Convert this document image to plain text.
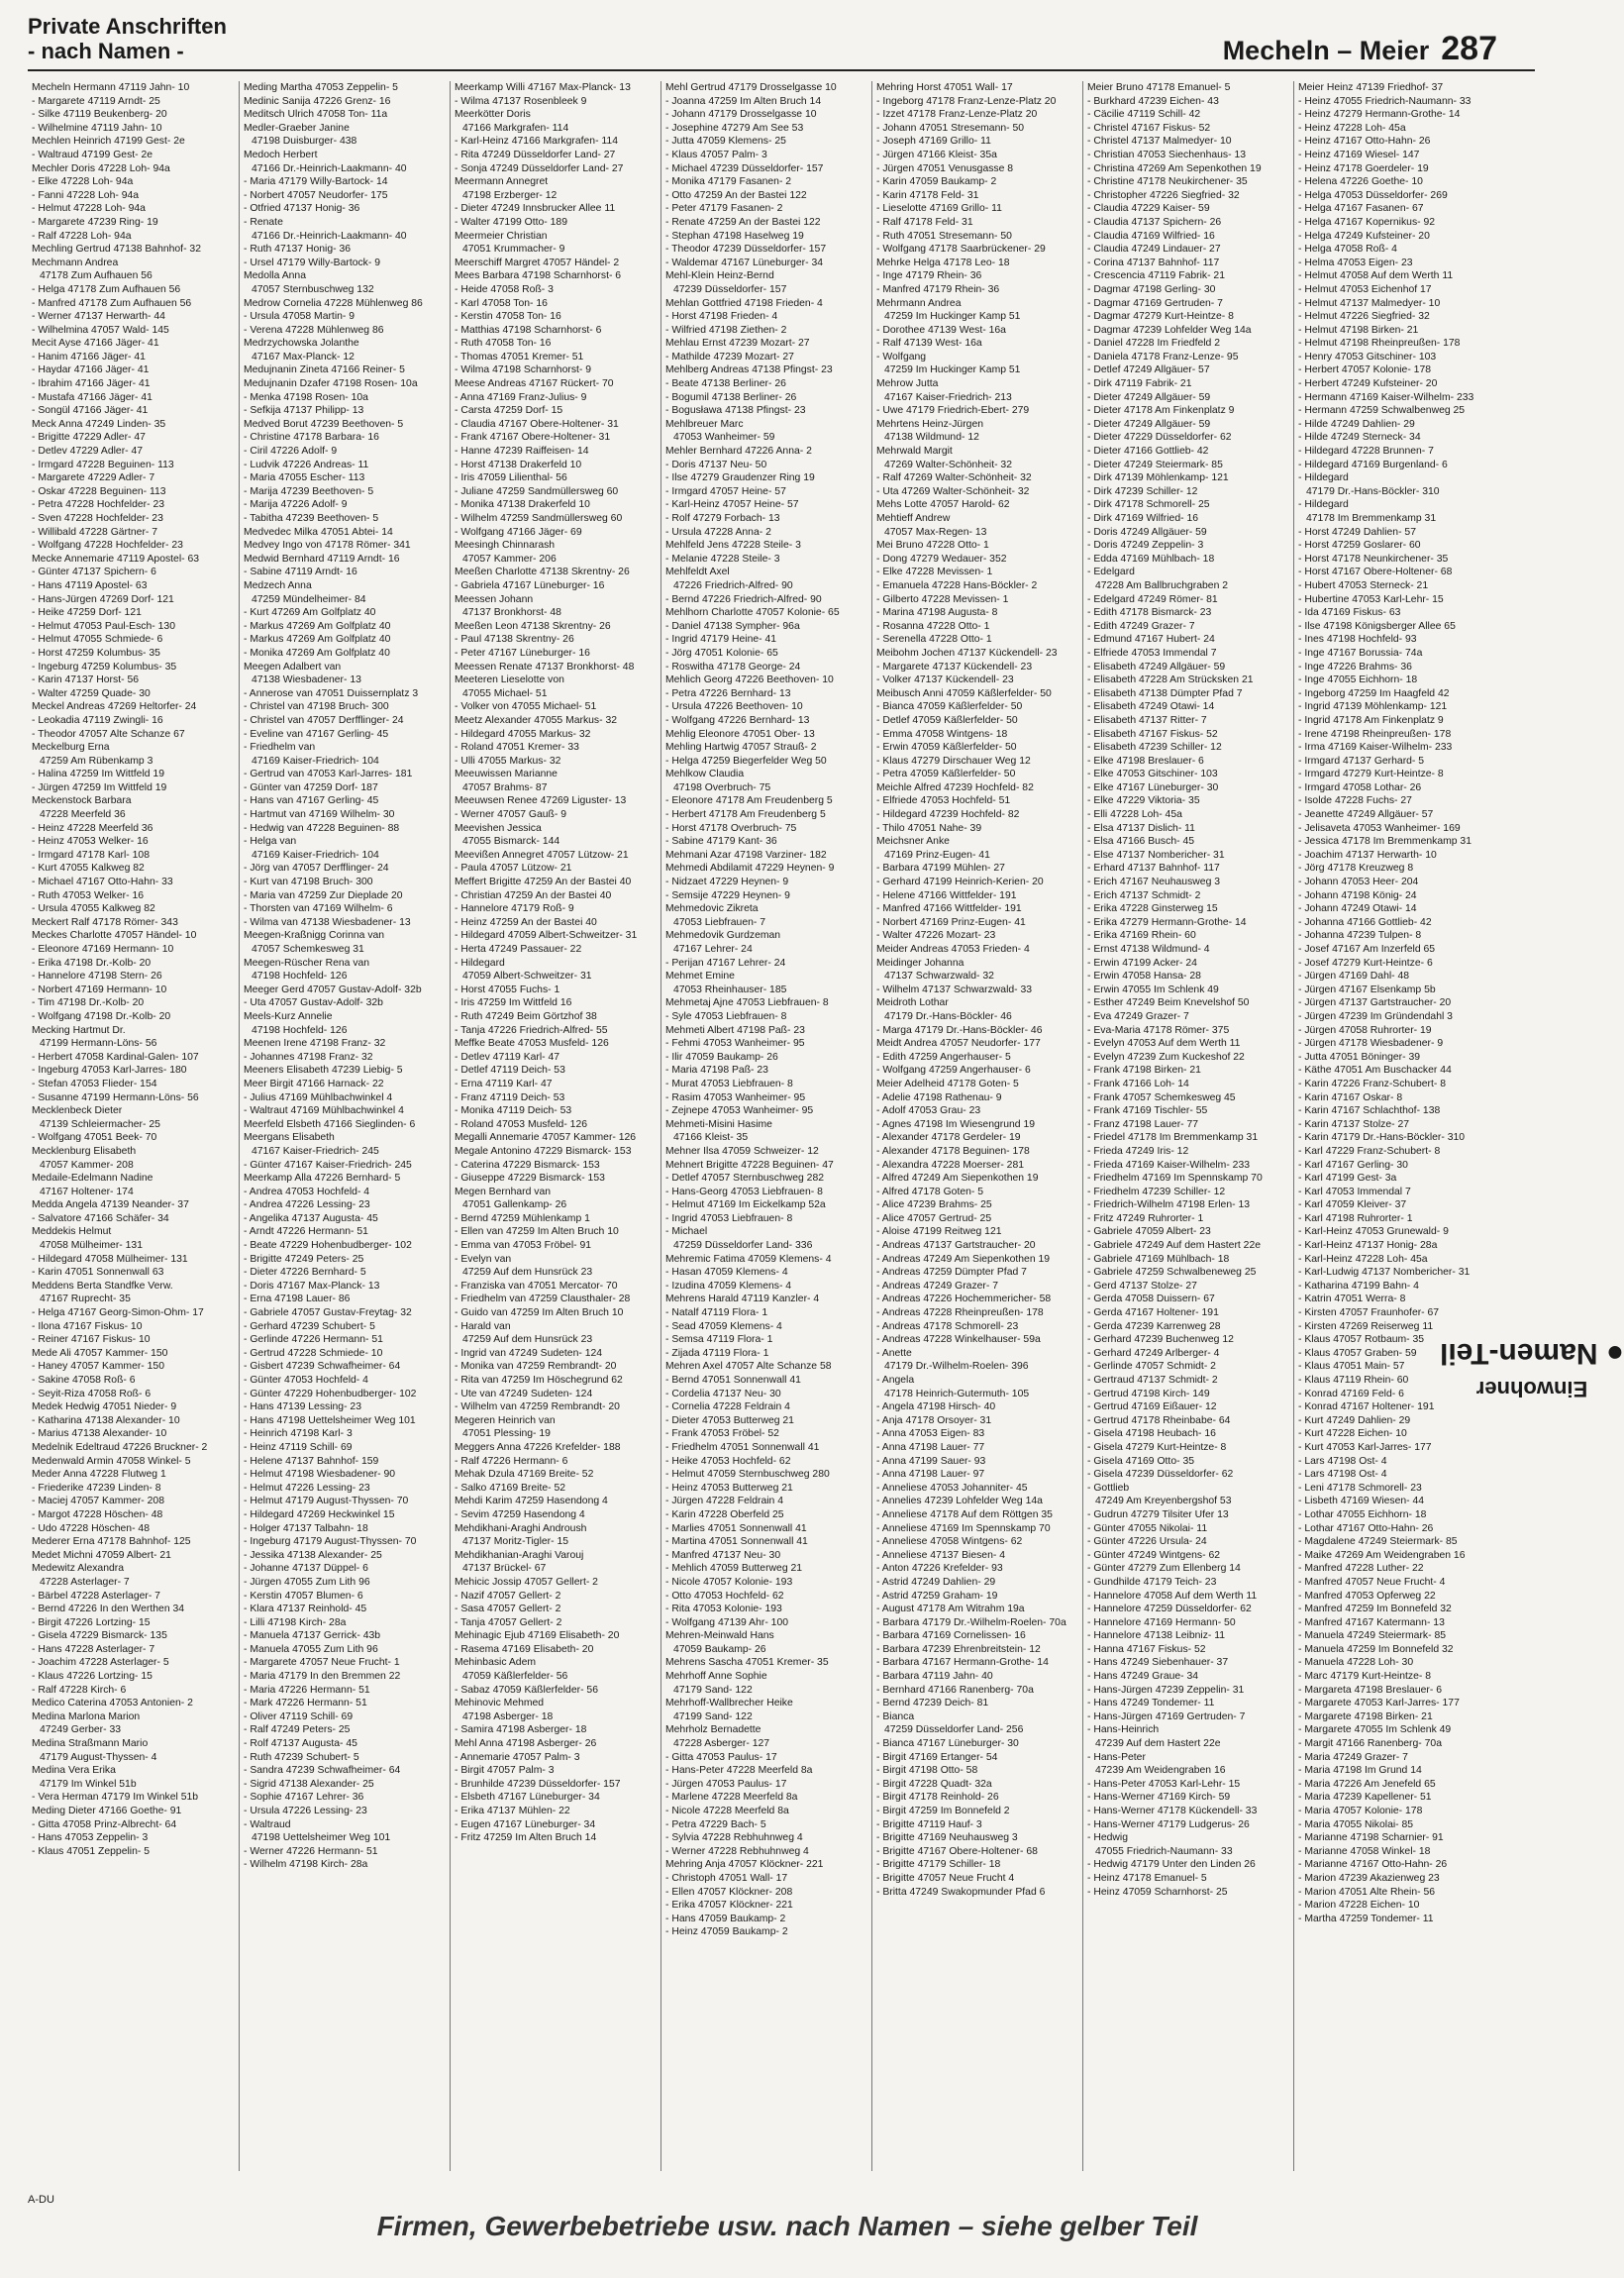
Private Anschriften
- nach Namen -	Mecheln – Meier 287
Mecheln Hermann 47119 Jahn- 10
- Margarete 47119 Arndt- 25
- Silke 47119 Beukenberg- 20
- Wilhelmine 47119 Jahn- 10
Mechlen Heinrich 47199 Gest- 2e
- Waltraud 47199 Gest- 2e
Mechler Doris 47228 Loh- 94a
- Elke 47228 Loh- 94a
- Fanni 47228 Loh- 94a
- Helmut 47228 Loh- 94a
- Margarete 47239 Ring- 19
- Ralf 47228 Loh- 94a
Mechling Gertrud 47138 Bahnhof- 32
Mechmann Andrea
47178 Zum Aufhauen 56
- Helga 47178 Zum Aufhauen 56
- Manfred 47178 Zum Aufhauen 56
- Werner 47137 Herwarth- 44
- Wilhelmina 47057 Wald- 145
Mecit Ayse 47166 Jäger- 41
- Hanim 47166 Jäger- 41
- Haydar 47166 Jäger- 41
- Ibrahim 47166 Jäger- 41
- Mustafa 47166 Jäger- 41
- Songül 47166 Jäger- 41
Meck Anna 47249 Linden- 35
- Brigitte 47229 Adler- 47
- Detlev 47229 Adler- 47
- Irmgard 47228 Beguinen- 113
- Margarete 47229 Adler- 7
- Oskar 47228 Beguinen- 113
- Petra 47228 Hochfelder- 23
- Sven 47228 Hochfelder- 23
- Willibald 47228 Gärtner- 7
- Wolfgang 47228 Hochfelder- 23
Mecke Annemarie 47119 Apostel- 63
- Günter 47137 Spichern- 6
- Hans 47119 Apostel- 63
- Hans-Jürgen 47269 Dorf- 121
- Heike 47259 Dorf- 121
- Helmut 47053 Paul-Esch- 130
- Helmut 47055 Schmiede- 6
- Horst 47259 Kolumbus- 35
- Ingeburg 47259 Kolumbus- 35
- Karin 47137 Horst- 56
- Walter 47259 Quade- 30
Meckel Andreas 47269 Heltorfer- 24
- Leokadia 47119 Zwingli- 16
- Theodor 47057 Alte Schanze 67
Meckelburg Erna
47259 Am Rübenkamp 3
- Halina 47259 Im Wittfeld 19
- Jürgen 47259 Im Wittfeld 19
Meckenstock Barbara
47228 Meerfeld 36
- Heinz 47228 Meerfeld 36
- Heinz 47053 Welker- 16
- Irmgard 47178 Karl- 108
- Kurt 47055 Kalkweg 82
- Michael 47167 Otto-Hahn- 33
- Ruth 47053 Welker- 16
- Ursula 47055 Kalkweg 82
Meckert Ralf 47178 Römer- 343
Meckes Charlotte 47057 Händel- 10
- Eleonore 47169 Hermann- 10
- Erika 47198 Dr.-Kolb- 20
- Hannelore 47198 Stern- 26
- Norbert 47169 Hermann- 10
- Tim 47198 Dr.-Kolb- 20
- Wolfgang 47198 Dr.-Kolb- 20
Mecking Hartmut Dr.
47199 Hermann-Löns- 56
- Herbert 47058 Kardinal-Galen- 107
- Ingeburg 47053 Karl-Jarres- 180
- Stefan 47053 Flieder- 154
- Susanne 47199 Hermann-Löns- 56
Mecklenbeck Dieter
47139 Schleiermacher- 25
- Wolfgang 47051 Beek- 70
Mecklenburg Elisabeth
47057 Kammer- 208
Medaile-Edelmann Nadine
47167 Holtener- 174
Medda Angela 47139 Neander- 37
- Salvatore 47166 Schäfer- 34
Meddekis Helmut
47058 Mülheimer- 131
- Hildegard 47058 Mülheimer- 131
- Karin 47051 Sonnenwall 63
Meddens Berta Standfke Verw.
47167 Ruprecht- 35
- Helga 47167 Georg-Simon-Ohm- 17
- Ilona 47167 Fiskus- 10
- Reiner 47167 Fiskus- 10
Mede Ali 47057 Kammer- 150
- Haney 47057 Kammer- 150
- Sakine 47058 Roß- 6
- Seyit-Riza 47058 Roß- 6
Medek Hedwig 47051 Nieder- 9
- Katharina 47138 Alexander- 10
- Marius 47138 Alexander- 10
Medelnik Edeltraud 47226 Bruckner- 2
Medenwald Armin 47058 Winkel- 5
Meder Anna 47228 Flutweg 1
- Friederike 47239 Linden- 8
- Maciej 47057 Kammer- 208
- Margot 47228 Höschen- 48
- Udo 47228 Höschen- 48
Mederer Erna 47178 Bahnhof- 125
Medet Michni 47059 Albert- 21
Medewitz Alexandra
47228 Asterlager- 7
- Bärbel 47228 Asterlager- 7
- Bernd 47226 In den Werthen 34
- Birgit 47226 Lortzing- 15
- Gisela 47229 Bismarck- 135
- Hans 47228 Asterlager- 7
- Joachim 47228 Asterlager- 5
- Klaus 47226 Lortzing- 15
- Ralf 47228 Kirch- 6
Medico Caterina 47053 Antonien- 2
Medina Marlona Marion
47249 Gerber- 33
Medina Straßmann Mario
47179 August-Thyssen- 4
Medina Vera Erika
47179 Im Winkel 51b
- Vera Herman 47179 Im Winkel 51b
Meding Dieter 47166 Goethe- 91
- Gitta 47058 Prinz-Albrecht- 64
- Hans 47053 Zeppelin- 3
- Klaus 47051 Zeppelin- 5
Meding Martha 47053 Zeppelin- 5
Medinic Sanija 47226 Grenz- 16
Meditsch Ulrich 47058 Ton- 11a
Medler-Graeber Janine
47198 Duisburger- 438
Medoch Herbert
47166 Dr.-Heinrich-Laakmann- 40
- Maria 47179 Willy-Bartock- 14
- Norbert 47057 Neudorfer- 175
- Otfried 47137 Honig- 36
- Renate
47166 Dr.-Heinrich-Laakmann- 40
- Ruth 47137 Honig- 36
- Ursel 47179 Willy-Bartock- 9
Medolla Anna
47057 Sternbuschweg 132
Medrow Cornelia 47228 Mühlenweg 86
- Ursula 47058 Martin- 9
- Verena 47228 Mühlenweg 86
Medrzychowska Jolanthe
47167 Max-Planck- 12
Medujnanin Zineta 47166 Reiner- 5
Medujnanin Dzafer 47198 Rosen- 10a
- Menka 47198 Rosen- 10a
- Sefkija 47137 Philipp- 13
Medved Borut 47239 Beethoven- 5
- Christine 47178 Barbara- 16
- Ciril 47226 Adolf- 9
- Ludvik 47226 Andreas- 11
- Maria 47055 Escher- 113
- Marija 47239 Beethoven- 5
- Marija 47226 Adolf- 9
- Tabitha 47239 Beethoven- 5
Medvedec Milka 47051 Abtei- 14
Medvey Ingo von 47178 Römer- 341
Medwid Bernhard 47119 Arndt- 16
- Sabine 47119 Arndt- 16
Medzech Anna
47259 Mündelheimer- 84
- Kurt 47269 Am Golfplatz 40
- Markus 47269 Am Golfplatz 40
- Markus 47269 Am Golfplatz 40
- Monika 47269 Am Golfplatz 40
Meegen Adalbert van
47138 Wiesbadener- 13
- Annerose van 47051 Duissernplatz 3
- Christel van 47198 Bruch- 300
- Christel van 47057 Derfflinger- 24
- Eveline van 47167 Gerling- 45
- Friedhelm van
47169 Kaiser-Friedrich- 104
- Gertrud van 47053 Karl-Jarres- 181
- Günter van 47259 Dorf- 187
- Hans van 47167 Gerling- 45
- Hartmut van 47169 Wilhelm- 30
- Hedwig van 47228 Beguinen- 88
- Helga van
47169 Kaiser-Friedrich- 104
- Jörg van 47057 Derfflinger- 24
- Kurt van 47198 Bruch- 300
- Maria van 47259 Zur Dieplade 20
- Thorsten van 47169 Wilhelm- 6
- Wilma van 47138 Wiesbadener- 13
Meegen-Kraßnigg Corinna van
47057 Schemkesweg 31
Meegen-Rüscher Rena van
47198 Hochfeld- 126
Meeger Gerd 47057 Gustav-Adolf- 32b
- Uta 47057 Gustav-Adolf- 32b
Meels-Kurz Annelie
47198 Hochfeld- 126
Meenen Irene 47198 Franz- 32
- Johannes 47198 Franz- 32
Meeners Elisabeth 47239 Liebig- 5
Meer Birgit 47166 Harnack- 22
- Julius 47169 Mühlbachwinkel 4
- Waltraut 47169 Mühlbachwinkel 4
Meerfeld Elsbeth 47166 Sieglinden- 6
Meergans Elisabeth
47167 Kaiser-Friedrich- 245
- Günter 47167 Kaiser-Friedrich- 245
Meerkamp Alla 47226 Bernhard- 5
- Andrea 47053 Hochfeld- 4
- Andrea 47226 Lessing- 23
- Angelika 47137 Augusta- 45
- Arndt 47226 Hermann- 51
- Beate 47229 Hohenbudberger- 102
- Brigitte 47249 Peters- 25
- Dieter 47226 Bernhard- 5
- Doris 47167 Max-Planck- 13
- Erna 47198 Lauer- 86
- Gabriele 47057 Gustav-Freytag- 32
- Gerhard 47239 Schubert- 5
- Gerlinde 47226 Hermann- 51
- Gertrud 47228 Schmiede- 10
- Gisbert 47239 Schwafheimer- 64
- Günter 47053 Hochfeld- 4
- Günter 47229 Hohenbudberger- 102
- Hans 47139 Lessing- 23
- Hans 47198 Uettelsheimer Weg 101
- Heinrich 47198 Karl- 3
- Heinz 47119 Schill- 69
- Helene 47137 Bahnhof- 159
- Helmut 47198 Wiesbadener- 90
- Helmut 47226 Lessing- 23
- Helmut 47179 August-Thyssen- 70
- Hildegard 47269 Heckwinkel 15
- Holger 47137 Talbahn- 18
- Ingeburg 47179 August-Thyssen- 70
- Jessika 47138 Alexander- 25
- Johanne 47137 Düppel- 6
- Jürgen 47055 Zum Lith 96
- Kerstin 47057 Blumen- 6
- Klara 47137 Reinhold- 45
- Lilli 47198 Kirch- 28a
- Manuela 47137 Gerrick- 43b
- Manuela 47055 Zum Lith 96
- Margarete 47057 Neue Frucht- 1
- Maria 47179 In den Bremmen 22
- Maria 47226 Hermann- 51
- Mark 47226 Hermann- 51
- Oliver 47119 Schill- 69
- Ralf 47249 Peters- 25
- Rolf 47137 Augusta- 45
- Ruth 47239 Schubert- 5
- Sandra 47239 Schwafheimer- 64
- Sigrid 47138 Alexander- 25
- Sophie 47167 Lehrer- 36
- Ursula 47226 Lessing- 23
- Waltraud
47198 Uettelsheimer Weg 101
- Werner 47226 Hermann- 51
- Wilhelm 47198 Kirch- 28a
Meerkamp Willi 47167 Max-Planck- 13
- Wilma 47137 Rosenbleek 9
Meerkötter Doris
47166 Markgrafen- 114
- Karl-Heinz 47166 Markgrafen- 114
- Rita 47249 Düsseldorfer Land- 27
- Sonja 47249 Düsseldorfer Land- 27
Meermann Annegret
47198 Erzberger- 12
- Dieter 47249 Innsbrucker Allee 11
- Walter 47199 Otto- 189
Meermeier Christian
47051 Krummacher- 9
Meerschiff Margret 47057 Händel- 2
Mees Barbara 47198 Scharnhorst- 6
- Heide 47058 Roß- 3
- Karl 47058 Ton- 16
- Kerstin 47058 Ton- 16
- Matthias 47198 Scharnhorst- 6
- Ruth 47058 Ton- 16
- Thomas 47051 Kremer- 51
- Wilma 47198 Scharnhorst- 9
Meese Andreas 47167 Rückert- 70
- Anna 47169 Franz-Julius- 9
- Carsta 47259 Dorf- 15
- Claudia 47167 Obere-Holtener- 31
- Frank 47167 Obere-Holtener- 31
- Hanne 47239 Raiffeisen- 14
- Horst 47138 Drakerfeld 10
- Iris 47059 Lilienthal- 56
- Juliane 47259 Sandmüllersweg 60
- Monika 47138 Drakerfeld 10
- Wilhelm 47259 Sandmüllersweg 60
- Wolfgang 47166 Jäger- 69
Meesingh Chinnarash
47057 Kammer- 206
Meeßen Charlotte 47138 Skrentny- 26
- Gabriela 47167 Lüneburger- 16
Meessen Johann
47137 Bronkhorst- 48
Meeßen Leon 47138 Skrentny- 26
- Paul 47138 Skrentny- 26
- Peter 47167 Lüneburger- 16
Meessen Renate 47137 Bronkhorst- 48
Meeteren Lieselotte von
47055 Michael- 51
- Volker von 47055 Michael- 51
Meetz Alexander 47055 Markus- 32
- Hildegard 47055 Markus- 32
- Roland 47051 Kremer- 33
- Ulli 47055 Markus- 32
Meeuwissen Marianne
47057 Brahms- 87
Meeuwsen Renee 47269 Liguster- 13
- Werner 47057 Gauß- 9
Meevishen Jessica
47055 Bismarck- 144
Meevißen Annegret 47057 Lützow- 21
- Paula 47057 Lützow- 21
Meffert Brigitte 47259 An der Bastei 40
- Christian 47259 An der Bastei 40
- Hannelore 47179 Roß- 9
- Heinz 47259 An der Bastei 40
- Hildegard 47059 Albert-Schweitzer- 31
- Herta 47249 Passauer- 22
- Hildegard
47059 Albert-Schweitzer- 31
- Horst 47055 Fuchs- 1
- Iris 47259 Im Wittfeld 16
- Ruth 47249 Beim Görtzhof 38
- Tanja 47226 Friedrich-Alfred- 55
Meffke Beate 47053 Musfeld- 126
- Detlev 47119 Karl- 47
- Detlef 47119 Deich- 53
- Erna 47119 Karl- 47
- Franz 47119 Deich- 53
- Monika 47119 Deich- 53
- Roland 47053 Musfeld- 126
Megalli Annemarie 47057 Kammer- 126
Megale Antonino 47229 Bismarck- 153
- Caterina 47229 Bismarck- 153
- Giuseppe 47229 Bismarck- 153
Megen Bernhard van
47051 Gallenkamp- 26
- Bernd 47259 Mühlenkamp 1
- Ellen van 47259 Im Alten Bruch 10
- Emma van 47053 Fröbel- 91
- Evelyn van
47259 Auf dem Hunsrück 23
- Franziska van 47051 Mercator- 70
- Friedhelm van 47259 Clausthaler- 28
- Guido van 47259 Im Alten Bruch 10
- Harald van
47259 Auf dem Hunsrück 23
- Ingrid van 47249 Sudeten- 124
- Monika van 47259 Rembrandt- 20
- Rita van 47259 Im Höschegrund 62
- Ute van 47249 Sudeten- 124
- Wilhelm van 47259 Rembrandt- 20
Megeren Heinrich van
47051 Plessing- 19
Meggers Anna 47226 Krefelder- 188
- Ralf 47226 Hermann- 6
Mehak Dzula 47169 Breite- 52
- Salko 47169 Breite- 52
Mehdi Karim 47259 Hasendong 4
- Sevim 47259 Hasendong 4
Mehdikhani-Araghi Androush
47137 Moritz-Tigler- 15
Mehdikhanian-Araghi Varouj
47137 Brückel- 67
Mehicic Jossip 47057 Gellert- 2
- Nazif 47057 Gellert- 2
- Sasa 47057 Gellert- 2
- Tanja 47057 Gellert- 2
Mehinagic Ejub 47169 Elisabeth- 20
- Rasema 47169 Elisabeth- 20
Mehinbasic Adem
47059 Käßlerfelder- 56
- Sabaz 47059 Käßlerfelder- 56
Mehinovic Mehmed
47198 Asberger- 18
- Samira 47198 Asberger- 18
Mehl Anna 47198 Asberger- 26
- Annemarie 47057 Palm- 3
- Birgit 47057 Palm- 3
- Brunhilde 47239 Düsseldorfer- 157
- Elsbeth 47167 Lüneburger- 34
- Erika 47137 Mühlen- 22
- Eugen 47167 Lüneburger- 34
- Fritz 47259 Im Alten Bruch 14
Mehl Gertrud 47179 Drosselgasse 10
- Joanna 47259 Im Alten Bruch 14
- Johann 47179 Drosselgasse 10
- Josephine 47279 Am See 53
- Jutta 47059 Klemens- 25
- Klaus 47057 Palm- 3
- Michael 47239 Düsseldorfer- 157
- Monika 47179 Fasanen- 2
- Otto 47259 An der Bastei 122
- Peter 47179 Fasanen- 2
- Renate 47259 An der Bastei 122
- Stephan 47198 Haselweg 19
- Theodor 47239 Düsseldorfer- 157
- Waldemar 47167 Lüneburger- 34
Mehl-Klein Heinz-Bernd
47239 Düsseldorfer- 157
Mehlan Gottfried 47198 Frieden- 4
- Horst 47198 Frieden- 4
- Wilfried 47198 Ziethen- 2
Mehlau Ernst 47239 Mozart- 27
- Mathilde 47239 Mozart- 27
Mehlberg Andreas 47138 Pfingst- 23
- Beate 47138 Berliner- 26
- Bogumil 47138 Berliner- 26
- Bogusława 47138 Pfingst- 23
Mehlbreuer Marc
47053 Wanheimer- 59
Mehler Bernhard 47226 Anna- 2
- Doris 47137 Neu- 50
- Ilse 47279 Graudenzer Ring 19
- Irmgard 47057 Heine- 57
- Karl-Heinz 47057 Heine- 57
- Rolf 47279 Forbach- 13
- Ursula 47228 Anna- 2
Mehlfeld Jens 47228 Steile- 3
- Melanie 47228 Steile- 3
Mehlfeldt Axel
47226 Friedrich-Alfred- 90
- Bernd 47226 Friedrich-Alfred- 90
Mehlhorn Charlotte 47057 Kolonie- 65
- Daniel 47138 Sympher- 96a
- Ingrid 47179 Heine- 41
- Jörg 47051 Kolonie- 65
- Roswitha 47178 George- 24
Mehlich Georg 47226 Beethoven- 10
- Petra 47226 Bernhard- 13
- Ursula 47226 Beethoven- 10
- Wolfgang 47226 Bernhard- 13
Mehlig Eleonore 47051 Ober- 13
Mehling Hartwig 47057 Strauß- 2
- Helga 47259 Biegerfelder Weg 50
Mehlkow Claudia
47198 Overbruch- 75
- Eleonore 47178 Am Freudenberg 5
- Herbert 47178 Am Freudenberg 5
- Horst 47178 Overbruch- 75
- Sabine 47179 Kant- 36
Mehmani Azar 47198 Varziner- 182
Mehmedi Abdilamit 47229 Heynen- 9
- Nidzaet 47229 Heynen- 9
- Semsije 47229 Heynen- 9
Mehmedovic Zikreta
47053 Liebfrauen- 7
Mehmedovik Gurdzeman
47167 Lehrer- 24
- Perijan 47167 Lehrer- 24
Mehmet Emine
47053 Rheinhauser- 185
Mehmetaj Ajne 47053 Liebfrauen- 8
- Syle 47053 Liebfrauen- 8
Mehmeti Albert 47198 Paß- 23
- Fehmi 47053 Wanheimer- 95
- Ilir 47059 Baukamp- 26
- Maria 47198 Paß- 23
- Murat 47053 Liebfrauen- 8
- Rasim 47053 Wanheimer- 95
- Zejnepe 47053 Wanheimer- 95
Mehmeti-Misini Hasime
47166 Kleist- 35
Mehner Ilsa 47059 Schweizer- 12
Mehnert Brigitte 47228 Beguinen- 47
- Detlef 47057 Sternbuschweg 282
- Hans-Georg 47053 Liebfrauen- 8
- Helmut 47169 Im Eickelkamp 52a
- Ingrid 47053 Liebfrauen- 8
- Michael
47259 Düsseldorfer Land- 336
Mehremic Fatima 47059 Klemens- 4
- Hasan 47059 Klemens- 4
- Izudina 47059 Klemens- 4
Mehrens Harald 47119 Kanzler- 4
- Natalf 47119 Flora- 1
- Sead 47059 Klemens- 4
- Semsa 47119 Flora- 1
- Zijada 47119 Flora- 1
Mehren Axel 47057 Alte Schanze 58
- Bernd 47051 Sonnenwall 41
- Cordelia 47137 Neu- 30
- Cornelia 47228 Feldrain 4
- Dieter 47053 Butterweg 21
- Frank 47053 Fröbel- 52
- Friedhelm 47051 Sonnenwall 41
- Heike 47053 Hochfeld- 62
- Helmut 47059 Sternbuschweg 280
- Heinz 47053 Butterweg 21
- Jürgen 47228 Feldrain 4
- Karin 47228 Oberfeld 25
- Marlies 47051 Sonnenwall 41
- Martina 47051 Sonnenwall 41
- Manfred 47137 Neu- 30
- Mehlich 47059 Butterweg 21
- Nicole 47057 Kolonie- 193
- Otto 47053 Hochfeld- 62
- Rita 47053 Kolonie- 193
- Wolfgang 47139 Ahr- 100
Mehren-Meinwald Hans
47059 Baukamp- 26
Mehrens Sascha 47051 Kremer- 35
Mehrhoff Anne Sophie
47179 Sand- 122
Mehrhoff-Wallbrecher Heike
47199 Sand- 122
Mehrholz Bernadette
47228 Asberger- 127
- Gitta 47053 Paulus- 17
- Hans-Peter 47228 Meerfeld 8a
- Jürgen 47053 Paulus- 17
- Marlene 47228 Meerfeld 8a
- Nicole 47228 Meerfeld 8a
- Petra 47229 Bach- 5
- Sylvia 47228 Rebhuhnweg 4
- Werner 47228 Rebhuhnweg 4
Mehring Anja 47057 Klöckner- 221
- Christoph 47051 Wall- 17
- Ellen 47057 Klöckner- 208
- Erika 47057 Klöckner- 221
- Hans 47059 Baukamp- 2
- Heinz 47059 Baukamp- 2
Mehring Horst 47051 Wall- 17
- Ingeborg 47178 Franz-Lenze-Platz 20
- Izzet 47178 Franz-Lenze-Platz 20
- Johann 47051 Stresemann- 50
- Joseph 47169 Grillo- 11
- Jürgen 47166 Kleist- 35a
- Jürgen 47051 Venusgasse 8
- Karin 47059 Baukamp- 2
- Karin 47178 Feld- 31
- Lieselotte 47169 Grillo- 11
- Ralf 47178 Feld- 31
- Ruth 47051 Stresemann- 50
- Wolfgang 47178 Saarbrückener- 29
Mehrke Helga 47178 Leo- 18
- Inge 47179 Rhein- 36
- Manfred 47179 Rhein- 36
Mehrmann Andrea
47259 Im Huckinger Kamp 51
- Dorothee 47139 West- 16a
- Ralf 47139 West- 16a
- Wolfgang
47259 Im Huckinger Kamp 51
Mehrow Jutta
47167 Kaiser-Friedrich- 213
- Uwe 47179 Friedrich-Ebert- 279
Mehrtens Heinz-Jürgen
47138 Wildmund- 12
Mehrwald Margit
47269 Walter-Schönheit- 32
- Ralf 47269 Walter-Schönheit- 32
- Uta 47269 Walter-Schönheit- 32
Mehs Lotte 47057 Harold- 62
Mehtieff Andrew
47057 Max-Regen- 13
Mei Bruno 47228 Otto- 1
- Dong 47279 Wedauer- 352
- Elke 47228 Mevissen- 1
- Emanuela 47228 Hans-Böckler- 2
- Gilberto 47228 Mevissen- 1
- Marina 47198 Augusta- 8
- Rosanna 47228 Otto- 1
- Serenella 47228 Otto- 1
Meibohm Jochen 47137 Kückendell- 23
- Margarete 47137 Kückendell- 23
- Volker 47137 Kückendell- 23
Meibusch Anni 47059 Käßlerfelder- 50
- Bianca 47059 Käßlerfelder- 50
- Detlef 47059 Käßlerfelder- 50
- Emma 47058 Wintgens- 18
- Erwin 47059 Käßlerfelder- 50
- Klaus 47279 Dirschauer Weg 12
- Petra 47059 Käßlerfelder- 50
Meichle Alfred 47239 Hochfeld- 82
- Elfriede 47053 Hochfeld- 51
- Hildegard 47239 Hochfeld- 82
- Thilo 47051 Nahe- 39
Meichsner Anke
47169 Prinz-Eugen- 41
- Barbara 47199 Mühlen- 27
- Gerhard 47199 Heinrich-Kerien- 20
- Helene 47166 Wittfelder- 191
- Manfred 47166 Wittfelder- 191
- Norbert 47169 Prinz-Eugen- 41
- Walter 47226 Mozart- 23
Meider Andreas 47053 Frieden- 4
Meidinger Johanna
47137 Schwarzwald- 32
- Wilhelm 47137 Schwarzwald- 33
Meidroth Lothar
47179 Dr.-Hans-Böckler- 46
- Marga 47179 Dr.-Hans-Böckler- 46
Meidt Andrea 47057 Neudorfer- 177
- Edith 47259 Angerhauser- 5
- Wolfgang 47259 Angerhauser- 6
Meier Adelheid 47178 Goten- 5
- Adelie 47198 Rathenau- 9
- Adolf 47053 Grau- 23
- Agnes 47198 Im Wiesengrund 19
- Alexander 47178 Gerdeler- 19
- Alexander 47178 Beguinen- 178
- Alexandra 47228 Moerser- 281
- Alfred 47249 Am Siepenkothen 19
- Alfred 47178 Goten- 5
- Alice 47239 Brahms- 25
- Alice 47057 Gertrud- 25
- Aloise 47199 Reitweg 121
- Andreas 47137 Gartstraucher- 20
- Andreas 47249 Am Siepenkothen 19
- Andreas 47259 Dümpter Pfad 7
- Andreas 47249 Grazer- 7
- Andreas 47226 Hochemmericher- 58
- Andreas 47228 Rheinpreußen- 178
- Andreas 47178 Schmorell- 23
- Andreas 47228 Winkelhauser- 59a
- Anette
47179 Dr.-Wilhelm-Roelen- 396
- Angela
47178 Heinrich-Gutermuth- 105
- Angela 47198 Hirsch- 40
- Anja 47178 Orsoyer- 31
- Anna 47053 Eigen- 83
- Anna 47198 Lauer- 77
- Anna 47199 Sauer- 93
- Anna 47198 Lauer- 97
- Anneliese 47053 Johanniter- 45
- Annelies 47239 Lohfelder Weg 14a
- Anneliese 47178 Auf dem Röttgen 35
- Anneliese 47169 Im Spennskamp 70
- Anneliese 47058 Wintgens- 62
- Anneliese 47137 Biesen- 4
- Anton 47226 Krefelder- 93
- Astrid 47249 Dahlien- 29
- Astrid 47259 Graham- 19
- August 47178 Am Witrahm 19a
- Barbara 47179 Dr.-Wilhelm-Roelen- 70a
- Barbara 47169 Cornelissen- 16
- Barbara 47239 Ehrenbreitstein- 12
- Barbara 47167 Hermann-Grothe- 14
- Barbara 47119 Jahn- 40
- Bernhard 47166 Ranenberg- 70a
- Bernd 47239 Deich- 81
- Bianca
47259 Düsseldorfer Land- 256
- Bianca 47167 Lüneburger- 30
- Birgit 47169 Ertanger- 54
- Birgit 47198 Otto- 58
- Birgit 47228 Quadt- 32a
- Birgit 47178 Reinhold- 26
- Birgit 47259 Im Bonnefeld 2
- Brigitte 47119 Hauf- 3
- Brigitte 47169 Neuhausweg 3
- Brigitte 47167 Obere-Holtener- 68
- Brigitte 47179 Schiller- 18
- Brigitte 47057 Neue Frucht 4
- Britta 47249 Swakopmunder Pfad 6
Meier Bruno 47178 Emanuel- 5
- Burkhard 47239 Eichen- 43
- Cäcilie 47119 Schill- 42
- Christel 47167 Fiskus- 52
- Christel 47137 Malmedyer- 10
- Christian 47053 Siechenhaus- 13
- Christina 47269 Am Sepenkothen 19
- Christine 47178 Neukirchener- 35
- Christopher 47226 Siegfried- 32
- Claudia 47229 Kaiser- 59
- Claudia 47137 Spichern- 26
- Claudia 47169 Wilfried- 16
- Claudia 47249 Lindauer- 27
- Corina 47137 Bahnhof- 117
- Crescencia 47119 Fabrik- 21
- Dagmar 47198 Gerling- 30
- Dagmar 47169 Gertruden- 7
- Dagmar 47279 Kurt-Heintze- 8
- Dagmar 47239 Lohfelder Weg 14a
- Daniel 47228 Im Friedfeld 2
- Daniela 47178 Franz-Lenze- 95
- Detlef 47249 Allgäuer- 57
- Dirk 47119 Fabrik- 21
- Dieter 47249 Allgäuer- 59
- Dieter 47178 Am Finkenplatz 9
- Dieter 47249 Allgäuer- 59
- Dieter 47229 Düsseldorfer- 62
- Dieter 47166 Gottlieb- 42
- Dieter 47249 Steiermark- 85
- Dirk 47139 Möhlenkamp- 121
- Dirk 47239 Schiller- 12
- Dirk 47178 Schmorell- 25
- Dirk 47169 Wilfried- 16
- Doris 47249 Allgäuer- 59
- Doris 47249 Zeppelin- 3
- Edda 47169 Mühlbach- 18
- Edelgard
47228 Am Ballbruchgraben 2
- Edelgard 47249 Römer- 81
- Edith 47178 Bismarck- 23
- Edith 47249 Grazer- 7
- Edmund 47167 Hubert- 24
- Elfriede 47053 Immendal 7
- Elisabeth 47249 Allgäuer- 59
- Elisabeth 47228 Am Strücksken 21
- Elisabeth 47138 Dümpter Pfad 7
- Elisabeth 47249 Otawi- 14
- Elisabeth 47137 Ritter- 7
- Elisabeth 47167 Fiskus- 52
- Elisabeth 47239 Schiller- 12
- Elke 47198 Breslauer- 6
- Elke 47053 Gitschiner- 103
- Elke 47167 Lüneburger- 30
- Elke 47229 Viktoria- 35
- Elli 47228 Loh- 45a
- Elsa 47137 Dislich- 11
- Elsa 47166 Busch- 45
- Else 47137 Nombericher- 31
- Erhard 47137 Bahnhof- 117
- Erich 47167 Neuhausweg 3
- Erich 47137 Schmidt- 2
- Erika 47228 Ginsterweg 15
- Erika 47279 Hermann-Grothe- 14
- Erika 47169 Rhein- 60
- Ernst 47138 Wildmund- 4
- Erwin 47199 Acker- 24
- Erwin 47058 Hansa- 28
- Erwin 47055 Im Schlenk 49
- Esther 47249 Beim Knevelshof 50
- Eva 47249 Grazer- 7
- Eva-Maria 47178 Römer- 375
- Evelyn 47053 Auf dem Werth 11
- Evelyn 47239 Zum Kuckeshof 22
- Frank 47198 Birken- 21
- Frank 47166 Loh- 14
- Frank 47057 Schemkesweg 45
- Frank 47169 Tischler- 55
- Franz 47198 Lauer- 77
- Friedel 47178 Im Bremmenkamp 31
- Frieda 47249 Iris- 12
- Frieda 47169 Kaiser-Wilhelm- 233
- Friedhelm 47169 Im Spennskamp 70
- Friedhelm 47239 Schiller- 12
- Friedrich-Wilhelm 47198 Erlen- 13
- Fritz 47249 Ruhrorter- 1
- Gabriele 47059 Albert- 23
- Gabriele 47249 Auf dem Hastert 22e
- Gabriele 47169 Mühlbach- 18
- Gabriele 47259 Schwalbeneweg 25
- Gerd 47137 Stolze- 27
- Gerda 47058 Duissern- 67
- Gerda 47167 Holtener- 191
- Gerda 47239 Karrenweg 28
- Gerhard 47239 Buchenweg 12
- Gerhard 47249 Arlberger- 4
- Gerlinde 47057 Schmidt- 2
- Gertraud 47137 Schmidt- 2
- Gertrud 47198 Kirch- 149
- Gertrud 47169 Eißauer- 12
- Gertrud 47178 Rheinbabe- 64
- Gisela 47198 Heubach- 16
- Gisela 47279 Kurt-Heintze- 8
- Gisela 47169 Otto- 35
- Gisela 47239 Düsseldorfer- 62
- Gottlieb
47249 Am Kreyenbergshof 53
- Gudrun 47279 Tilsiter Ufer 13
- Günter 47055 Nikolai- 11
- Günter 47226 Ursula- 24
- Günter 47249 Wintgens- 62
- Günter 47279 Zum Ellenberg 14
- Gundhilde 47179 Teich- 23
- Hannelore 47058 Auf dem Werth 11
- Hannelore 47259 Düsseldorfer- 62
- Hannelore 47169 Hermann- 50
- Hannelore 47138 Leibniz- 11
- Hanna 47167 Fiskus- 52
- Hans 47249 Siebenhauer- 37
- Hans 47249 Graue- 34
- Hans-Jürgen 47239 Zeppelin- 31
- Hans 47249 Tondemer- 11
- Hans-Jürgen 47169 Gertruden- 7
- Hans-Heinrich
47239 Auf dem Hastert 22e
- Hans-Peter
47239 Am Weidengraben 16
- Hans-Peter 47053 Karl-Lehr- 15
- Hans-Werner 47169 Kirch- 59
- Hans-Werner 47178 Kückendell- 33
- Hans-Werner 47179 Ludgerus- 26
- Hedwig
47055 Friedrich-Naumann- 33
- Hedwig 47179 Unter den Linden 26
- Heinz 47178 Emanuel- 5
- Heinz 47059 Scharnhorst- 25
Meier Heinz 47139 Friedhof- 37
- Heinz 47055 Friedrich-Naumann- 33
- Heinz 47279 Hermann-Grothe- 14
- Heinz 47228 Loh- 45a
- Heinz 47167 Otto-Hahn- 26
- Heinz 47169 Wiesel- 147
- Heinz 47178 Goerdeler- 19
- Helena 47226 Goethe- 10
- Helga 47053 Düsseldorfer- 269
- Helga 47167 Fasanen- 67
- Helga 47167 Kopernikus- 92
- Helga 47249 Kufsteiner- 20
- Helga 47058 Roß- 4
- Helma 47053 Eigen- 23
- Helmut 47058 Auf dem Werth 11
- Helmut 47053 Eichenhof 17
- Helmut 47137 Malmedyer- 10
- Helmut 47226 Siegfried- 32
- Helmut 47198 Birken- 21
- Helmut 47198 Rheinpreußen- 178
- Henry 47053 Gitschiner- 103
- Herbert 47057 Kolonie- 178
- Herbert 47249 Kufsteiner- 20
- Hermann 47169 Kaiser-Wilhelm- 233
- Hermann 47259 Schwalbenweg 25
- Hilde 47249 Dahlien- 29
- Hilde 47249 Sterneck- 34
- Hildegard 47228 Brunnen- 7
- Hildegard 47169 Burgenland- 6
- Hildegard
47179 Dr.-Hans-Böckler- 310
- Hildegard
47178 Im Bremmenkamp 31
- Horst 47249 Dahlien- 57
- Horst 47259 Goslarer- 60
- Horst 47178 Neunkirchener- 35
- Horst 47167 Obere-Holtener- 68
- Hubert 47053 Sterneck- 21
- Hubertine 47053 Karl-Lehr- 15
- Ida 47169 Fiskus- 63
- Ilse 47198 Königsberger Allee 65
- Ines 47198 Hochfeld- 93
- Inge 47167 Borussia- 74a
- Inge 47226 Brahms- 36
- Inge 47055 Eichhorn- 18
- Ingeborg 47259 Im Haagfeld 42
- Ingrid 47139 Möhlenkamp- 121
- Ingrid 47178 Am Finkenplatz 9
- Irene 47198 Rheinpreußen- 178
- Irma 47169 Kaiser-Wilhelm- 233
- Irmgard 47137 Gerhard- 5
- Irmgard 47279 Kurt-Heintze- 8
- Irmgard 47058 Lothar- 26
- Isolde 47228 Fuchs- 27
- Jeanette 47249 Allgäuer- 57
- Jelisaveta 47053 Wanheimer- 169
- Jessica 47178 Im Bremmenkamp 31
- Joachim 47137 Herwarth- 10
- Jörg 47178 Kreuzweg 8
- Johann 47053 Heer- 204
- Johann 47198 König- 24
- Johann 47249 Otawi- 14
- Johanna 47166 Gottlieb- 42
- Johanna 47239 Tulpen- 8
- Josef 47167 Am Inzerfeld 65
- Josef 47279 Kurt-Heintze- 6
- Jürgen 47169 Dahl- 48
- Jürgen 47167 Elsenkamp 5b
- Jürgen 47137 Gartstraucher- 20
- Jürgen 47239 Im Gründendahl 3
- Jürgen 47058 Ruhrorter- 19
- Jürgen 47178 Wiesbadener- 9
- Jutta 47051 Böninger- 39
- Käthe 47051 Am Buschacker 44
- Karin 47226 Franz-Schubert- 8
- Karin 47167 Oskar- 8
- Karin 47167 Schlachthof- 138
- Karin 47137 Stolze- 27
- Karin 47179 Dr.-Hans-Böckler- 310
- Karl 47229 Franz-Schubert- 8
- Karl 47167 Gerling- 30
- Karl 47199 Gest- 3a
- Karl 47053 Immendal 7
- Karl 47059 Kleiver- 37
- Karl 47198 Ruhrorter- 1
- Karl-Heinz 47053 Grunewald- 9
- Karl-Heinz 47137 Honig- 28a
- Karl-Heinz 47228 Loh- 45a
- Karl-Ludwig 47137 Nombericher- 31
- Katharina 47199 Bahn- 4
- Katrin 47051 Werra- 8
- Kirsten 47057 Fraunhofer- 67
- Kirsten 47269 Reiserweg 11
- Klaus 47057 Rotbaum- 35
- Klaus 47057 Graben- 59
- Klaus 47051 Main- 57
- Klaus 47119 Rhein- 60
- Konrad 47169 Feld- 6
- Konrad 47167 Holtener- 191
- Kurt 47249 Dahlien- 29
- Kurt 47228 Eichen- 10
- Kurt 47053 Karl-Jarres- 177
- Lars 47198 Ost- 4
- Lars 47198 Ost- 4
- Leni 47178 Schmorell- 23
- Lisbeth 47169 Wiesen- 44
- Lothar 47055 Eichhorn- 18
- Lothar 47167 Otto-Hahn- 26
- Magdalene 47249 Steiermark- 85
- Maike 47269 Am Weidengraben 16
- Manfred 47228 Luther- 22
- Manfred 47057 Neue Frucht- 4
- Manfred 47053 Opferweg 22
- Manfred 47259 Im Bonnefeld 32
- Manfred 47167 Katermann- 13
- Manuela 47249 Steiermark- 85
- Manuela 47259 Im Bonnefeld 32
- Manuela 47228 Loh- 30
- Marc 47179 Kurt-Heintze- 8
- Margareta 47198 Breslauer- 6
- Margarete 47053 Karl-Jarres- 177
- Margarete 47198 Birken- 21
- Margarete 47055 Im Schlenk 49
- Margit 47166 Ranenberg- 70a
- Maria 47249 Grazer- 7
- Maria 47198 Im Grund 14
- Maria 47226 Am Jenefeld 65
- Maria 47239 Kapellener- 51
- Maria 47057 Kolonie- 178
- Maria 47055 Nikolai- 85
- Marianne 47198 Scharnier- 91
- Marianne 47058 Winkel- 18
- Marianne 47167 Otto-Hahn- 26
- Marion 47239 Akazienweg 23
- Marion 47051 Alte Rhein- 56
- Marion 47228 Eichen- 10
- Martha 47259 Tondemer- 11
Einwohner
● Namen-Teil
A-DU
Firmen, Gewerbebetriebe usw. nach Namen – siehe gelber Teil
